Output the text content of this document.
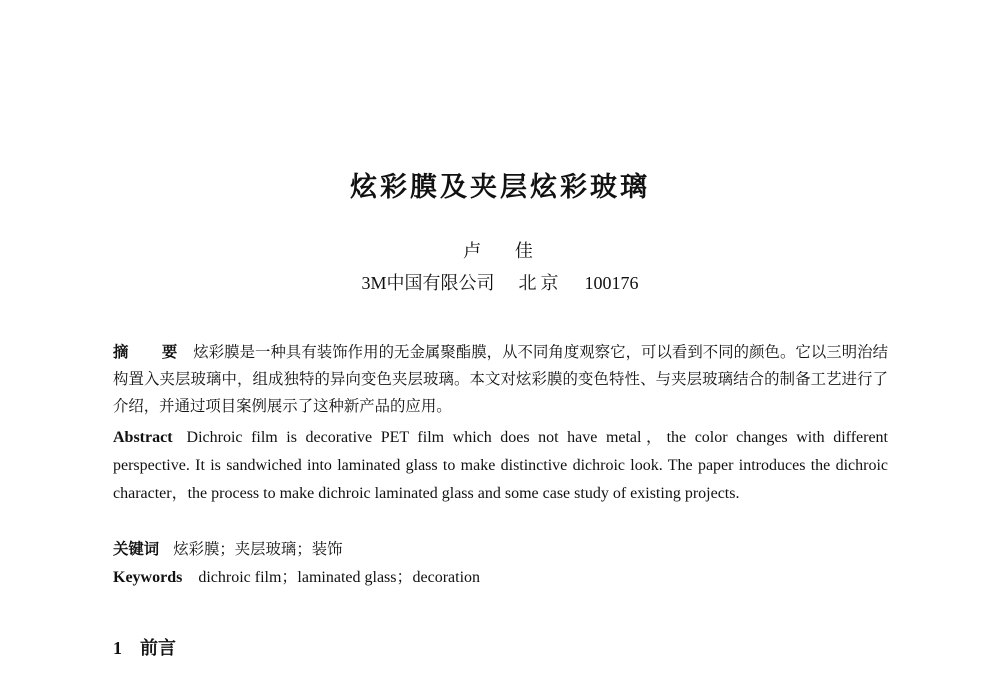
炫彩膜及夹层炫彩玻璃
卢 佳
3M中国有限公司 北京 100176
摘 要 炫彩膜是一种具有装饰作用的无金属聚酯膜，从不同角度观察它，可以看到不同的颜色。它以三明治结构置入夹层玻璃中，组成独特的异向变色夹层玻璃。本文对炫彩膜的变色特性、与夹层玻璃结合的制备工艺进行了介绍，并通过项目案例展示了这种新产品的应用。
Abstract Dichroic film is decorative PET film which does not have metal，the color changes with different perspective. It is sandwiched into laminated glass to make distinctive dichroic look. The paper introduces the dichroic character，the process to make dichroic laminated glass and some case study of existing projects.
关键词 炫彩膜；夹层玻璃；装饰
Keywords dichroic film；laminated glass；decoration
1 前言
